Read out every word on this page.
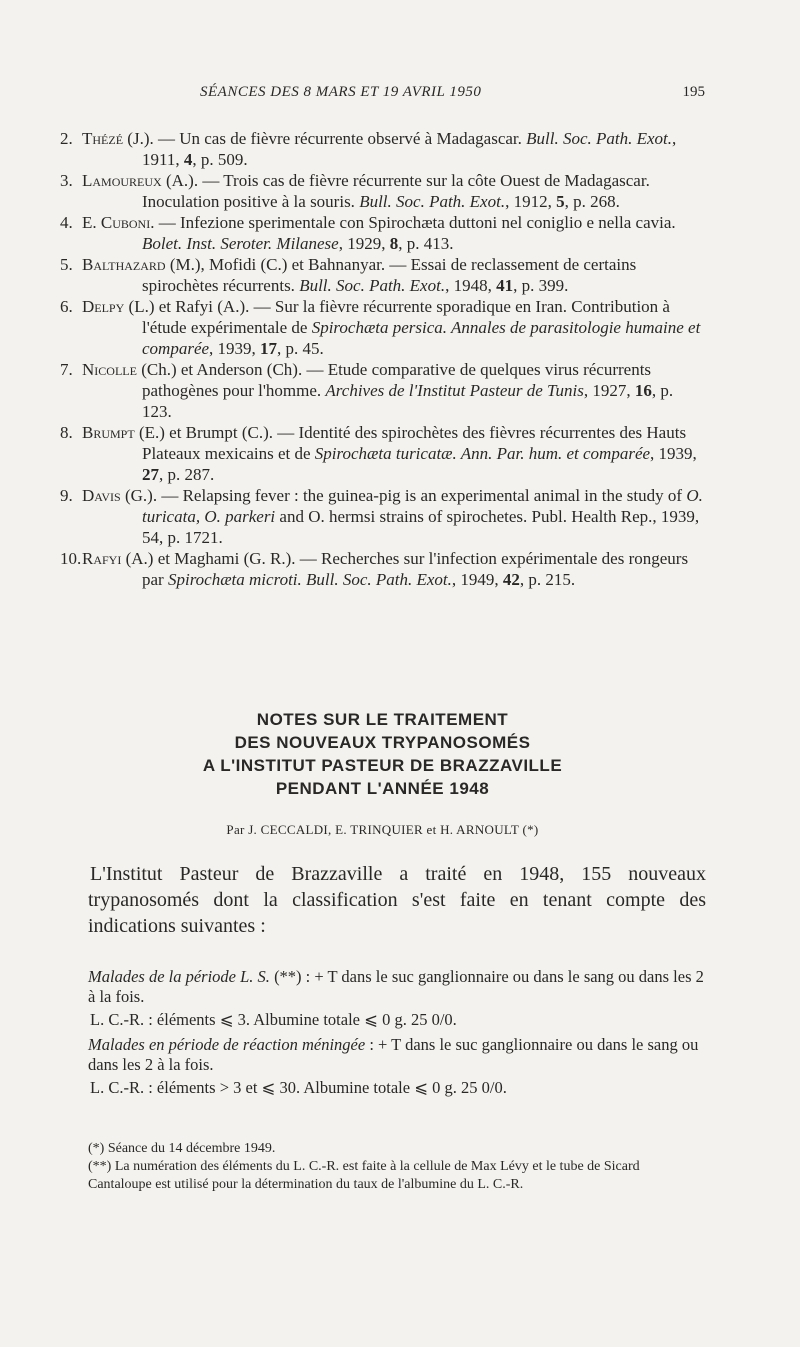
SÉANCES DES 8 MARS ET 19 AVRIL 1950	195
2. Thézé (J.). — Un cas de fièvre récurrente observé à Madagascar. Bull. Soc. Path. Exot., 1911, 4, p. 509.
3. Lamoureux (A.). — Trois cas de fièvre récurrente sur la côte Ouest de Madagascar. Inoculation positive à la souris. Bull. Soc. Path. Exot., 1912, 5, p. 268.
4. E. Cuboni. — Infezione sperimentale con Spirochæta duttoni nel coniglio e nella cavia. Bolet. Inst. Seroter. Milanese, 1929, 8, p. 413.
5. Balthazard (M.), Mofidi (C.) et Bahnanyar. — Essai de reclassement de certains spirochètes récurrents. Bull. Soc. Path. Exot., 1948, 41, p. 399.
6. Delpy (L.) et Rafyi (A.). — Sur la fièvre récurrente sporadique en Iran. Contribution à l'étude expérimentale de Spirochæta persica. Annales de parasitologie humaine et comparée, 1939, 17, p. 45.
7. Nicolle (Ch.) et Anderson (Ch). — Etude comparative de quelques virus récurrents pathogènes pour l'homme. Archives de l'Institut Pasteur de Tunis, 1927, 16, p. 123.
8. Brumpt (E.) et Brumpt (C.). — Identité des spirochètes des fièvres récurrentes des Hauts Plateaux mexicains et de Spirochæta turicatæ. Ann. Par. hum. et comparée, 1939, 27, p. 287.
9. Davis (G.). — Relapsing fever : the guinea-pig is an experimental animal in the study of O. turicata, O. parkeri and O. hermsi strains of spirochetes. Publ. Health Rep., 1939, 54, p. 1721.
10.Rafyi (A.) et Maghami (G. R.). — Recherches sur l'infection expérimentale des rongeurs par Spirochæta microti. Bull. Soc. Path. Exot., 1949, 42, p. 215.
NOTES SUR LE TRAITEMENT
DES NOUVEAUX TRYPANOSOMÉS
A L'INSTITUT PASTEUR DE BRAZZAVILLE
PENDANT L'ANNÉE 1948
Par J. CECCALDI, E. TRINQUIER et H. ARNOULT (*)
L'Institut Pasteur de Brazzaville a traité en 1948, 155 nouveaux trypanosomés dont la classification s'est faite en tenant compte des indications suivantes :
Malades de la période L. S. (**) : + T dans le suc ganglionnaire ou dans le sang ou dans les 2 à la fois.
L. C.-R. : éléments ⩽ 3. Albumine totale ⩽ 0 g. 25 0/0.
Malades en période de réaction méningée : + T dans le suc ganglionnaire ou dans le sang ou dans les 2 à la fois.
L. C.-R. : éléments > 3 et ⩽ 30. Albumine totale ⩽ 0 g. 25 0/0.
(*) Séance du 14 décembre 1949.
(**) La numération des éléments du L. C.-R. est faite à la cellule de Max Lévy et le tube de Sicard Cantaloupe est utilisé pour la détermination du taux de l'albumine du L. C.-R.
